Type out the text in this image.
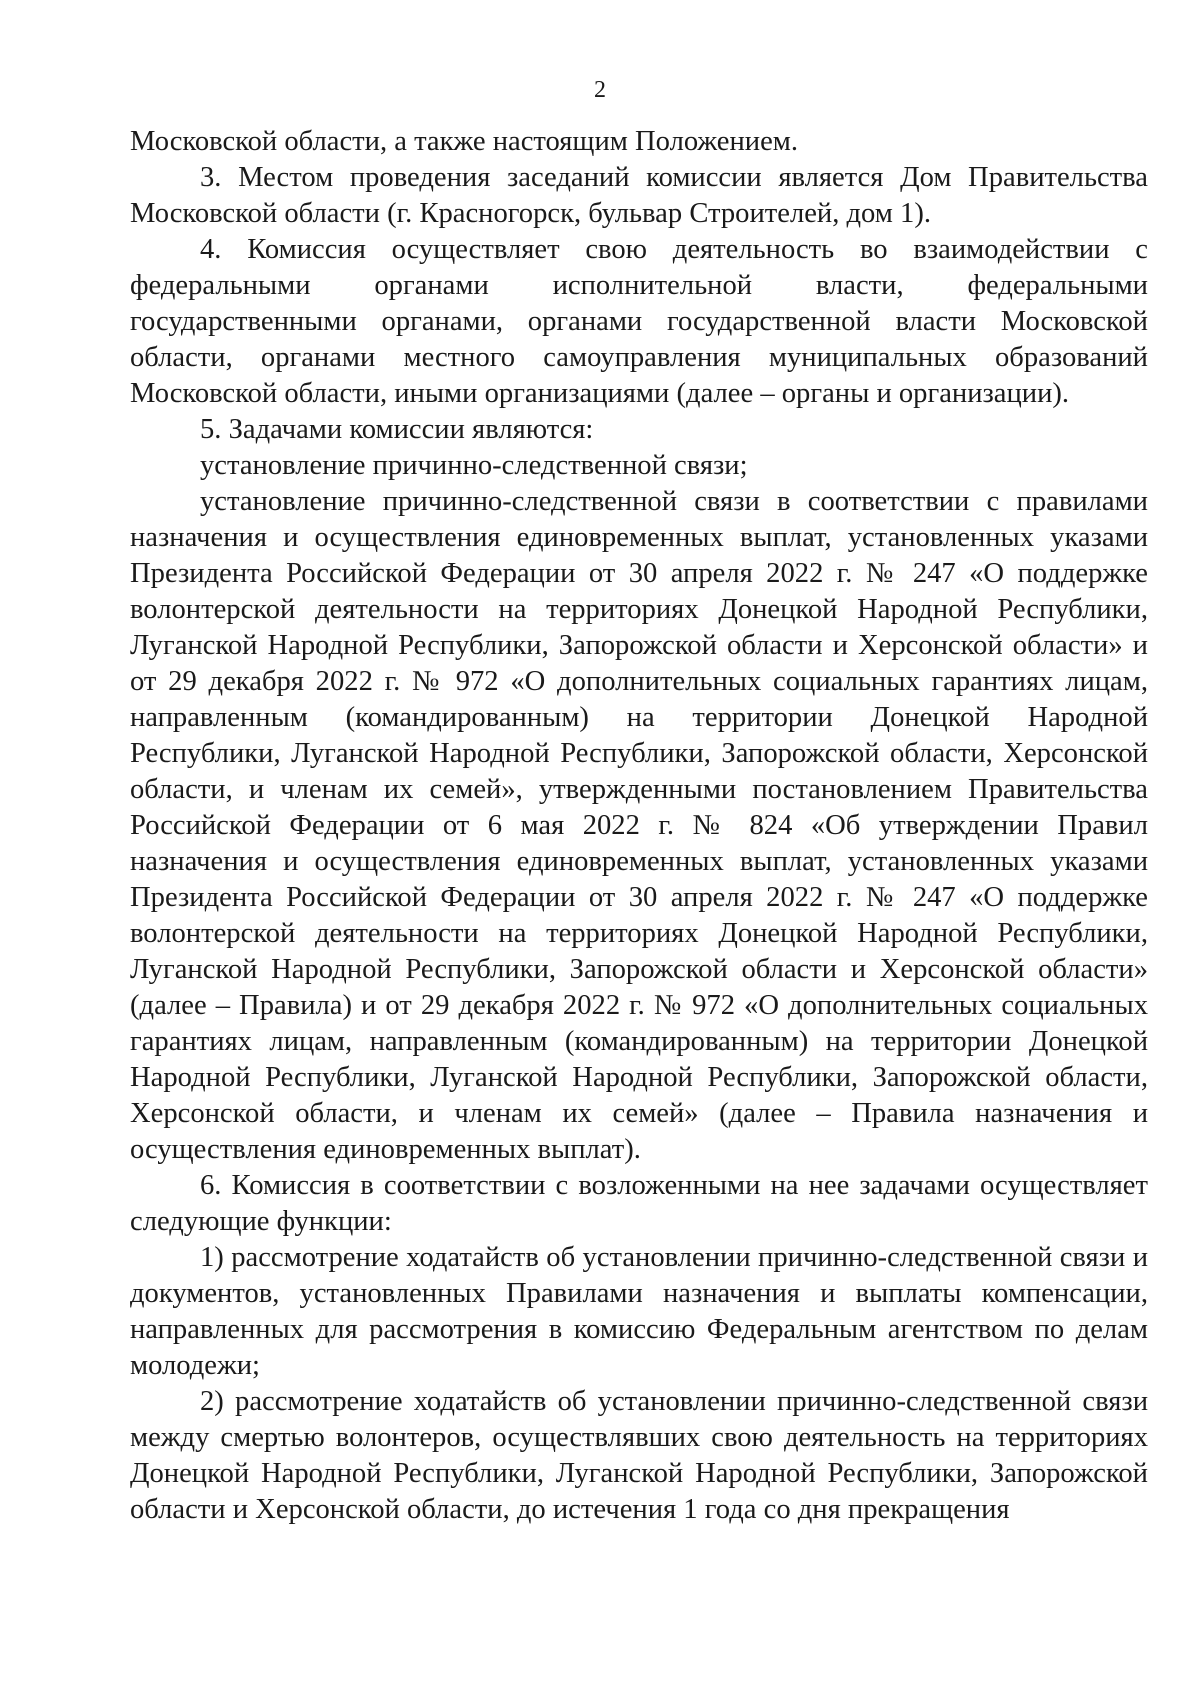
2

Московской области, а также настоящим Положением.

3. Местом проведения заседаний комиссии является Дом Правительства Московской области (г. Красногорск, бульвар Строителей, дом 1).

4. Комиссия осуществляет свою деятельность во взаимодействии с федеральными органами исполнительной власти, федеральными государственными органами, органами государственной власти Московской области, органами местного самоуправления муниципальных образований Московской области, иными организациями (далее – органы и организации).

5. Задачами комиссии являются:

установление причинно-следственной связи;

установление причинно-следственной связи в соответствии с правилами назначения и осуществления единовременных выплат, установленных указами Президента Российской Федерации от 30 апреля 2022 г. № 247 «О поддержке волонтерской деятельности на территориях Донецкой Народной Республики, Луганской Народной Республики, Запорожской области и Херсонской области» и от 29 декабря 2022 г. № 972 «О дополнительных социальных гарантиях лицам, направленным (командированным) на территории Донецкой Народной Республики, Луганской Народной Республики, Запорожской области, Херсонской области, и членам их семей», утвержденными постановлением Правительства Российской Федерации от 6 мая 2022 г. № 824 «Об утверждении Правил назначения и осуществления единовременных выплат, установленных указами Президента Российской Федерации от 30 апреля 2022 г. № 247 «О поддержке волонтерской деятельности на территориях Донецкой Народной Республики, Луганской Народной Республики, Запорожской области и Херсонской области» (далее – Правила) и от 29 декабря 2022 г. № 972 «О дополнительных социальных гарантиях лицам, направленным (командированным) на территории Донецкой Народной Республики, Луганской Народной Республики, Запорожской области, Херсонской области, и членам их семей» (далее – Правила назначения и осуществления единовременных выплат).

6. Комиссия в соответствии с возложенными на нее задачами осуществляет следующие функции:

1) рассмотрение ходатайств об установлении причинно-следственной связи и документов, установленных Правилами назначения и выплаты компенсации, направленных для рассмотрения в комиссию Федеральным агентством по делам молодежи;

2) рассмотрение ходатайств об установлении причинно-следственной связи между смертью волонтеров, осуществлявших свою деятельность на территориях Донецкой Народной Республики, Луганской Народной Республики, Запорожской области и Херсонской области, до истечения 1 года со дня прекращения
